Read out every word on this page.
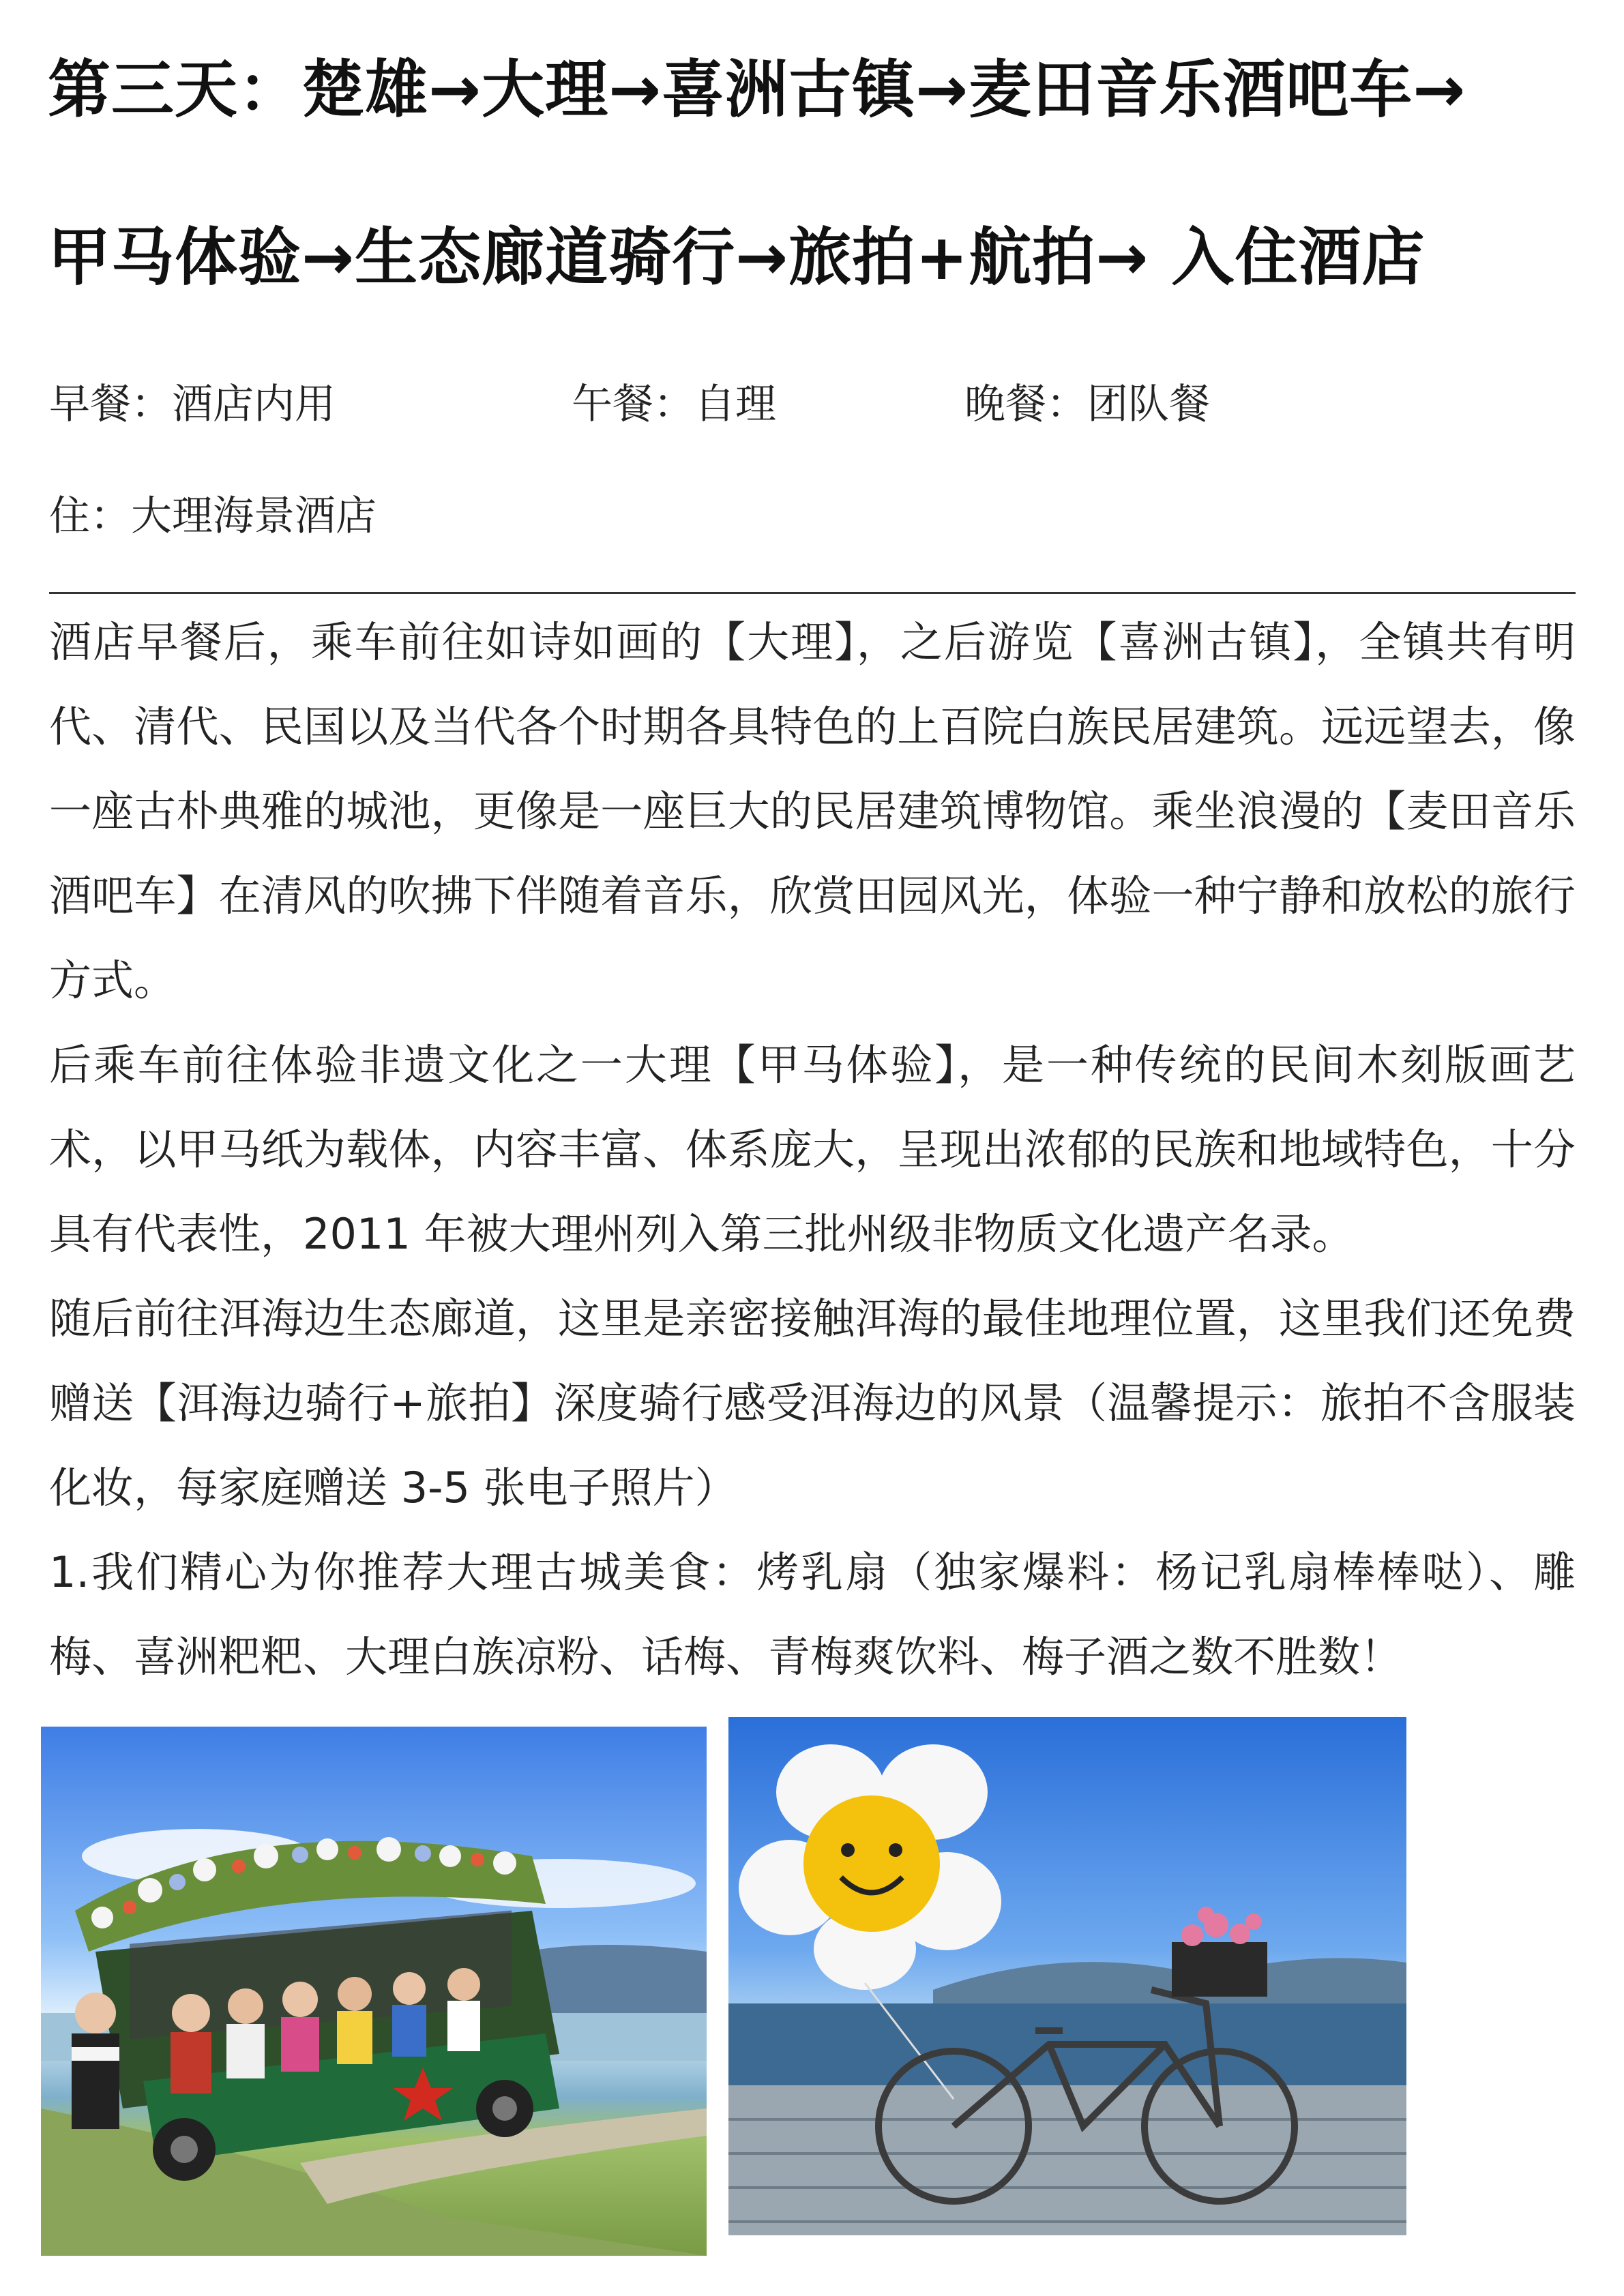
第三天：楚雄→大理→喜洲古镇→麦田音乐酒吧车→
甲马体验→生态廊道骑行→旅拍+航拍→ 入住酒店
早餐：酒店内用	午餐：自理	晚餐：团队餐
住：大理海景酒店

酒店早餐后，乘车前往如诗如画的【大理】，之后游览【喜洲古镇】，全镇共有明代、清代、民国以及当代各个时期各具特色的上百院白族民居建筑。远远望去，像一座古朴典雅的城池，更像是一座巨大的民居建筑博物馆。乘坐浪漫的【麦田音乐酒吧车】在清风的吹拂下伴随着音乐，欣赏田园风光，体验一种宁静和放松的旅行方式。

后乘车前往体验非遗文化之一大理【甲马体验】，是一种传统的民间木刻版画艺术，以甲马纸为载体，内容丰富、体系庞大，呈现出浓郁的民族和地域特色，十分具有代表性，2011 年被大理州列入第三批州级非物质文化遗产名录。

随后前往洱海边生态廊道，这里是亲密接触洱海的最佳地理位置，这里我们还免费赠送【洱海边骑行+旅拍】深度骑行感受洱海边的风景（温馨提示：旅拍不含服装化妆，每家庭赠送 3-5 张电子照片）

1.我们精心为你推荐大理古城美食：烤乳扇（独家爆料：杨记乳扇棒棒哒）、雕梅、喜洲粑粑、大理白族凉粉、话梅、青梅爽饮料、梅子酒之数不胜数！
